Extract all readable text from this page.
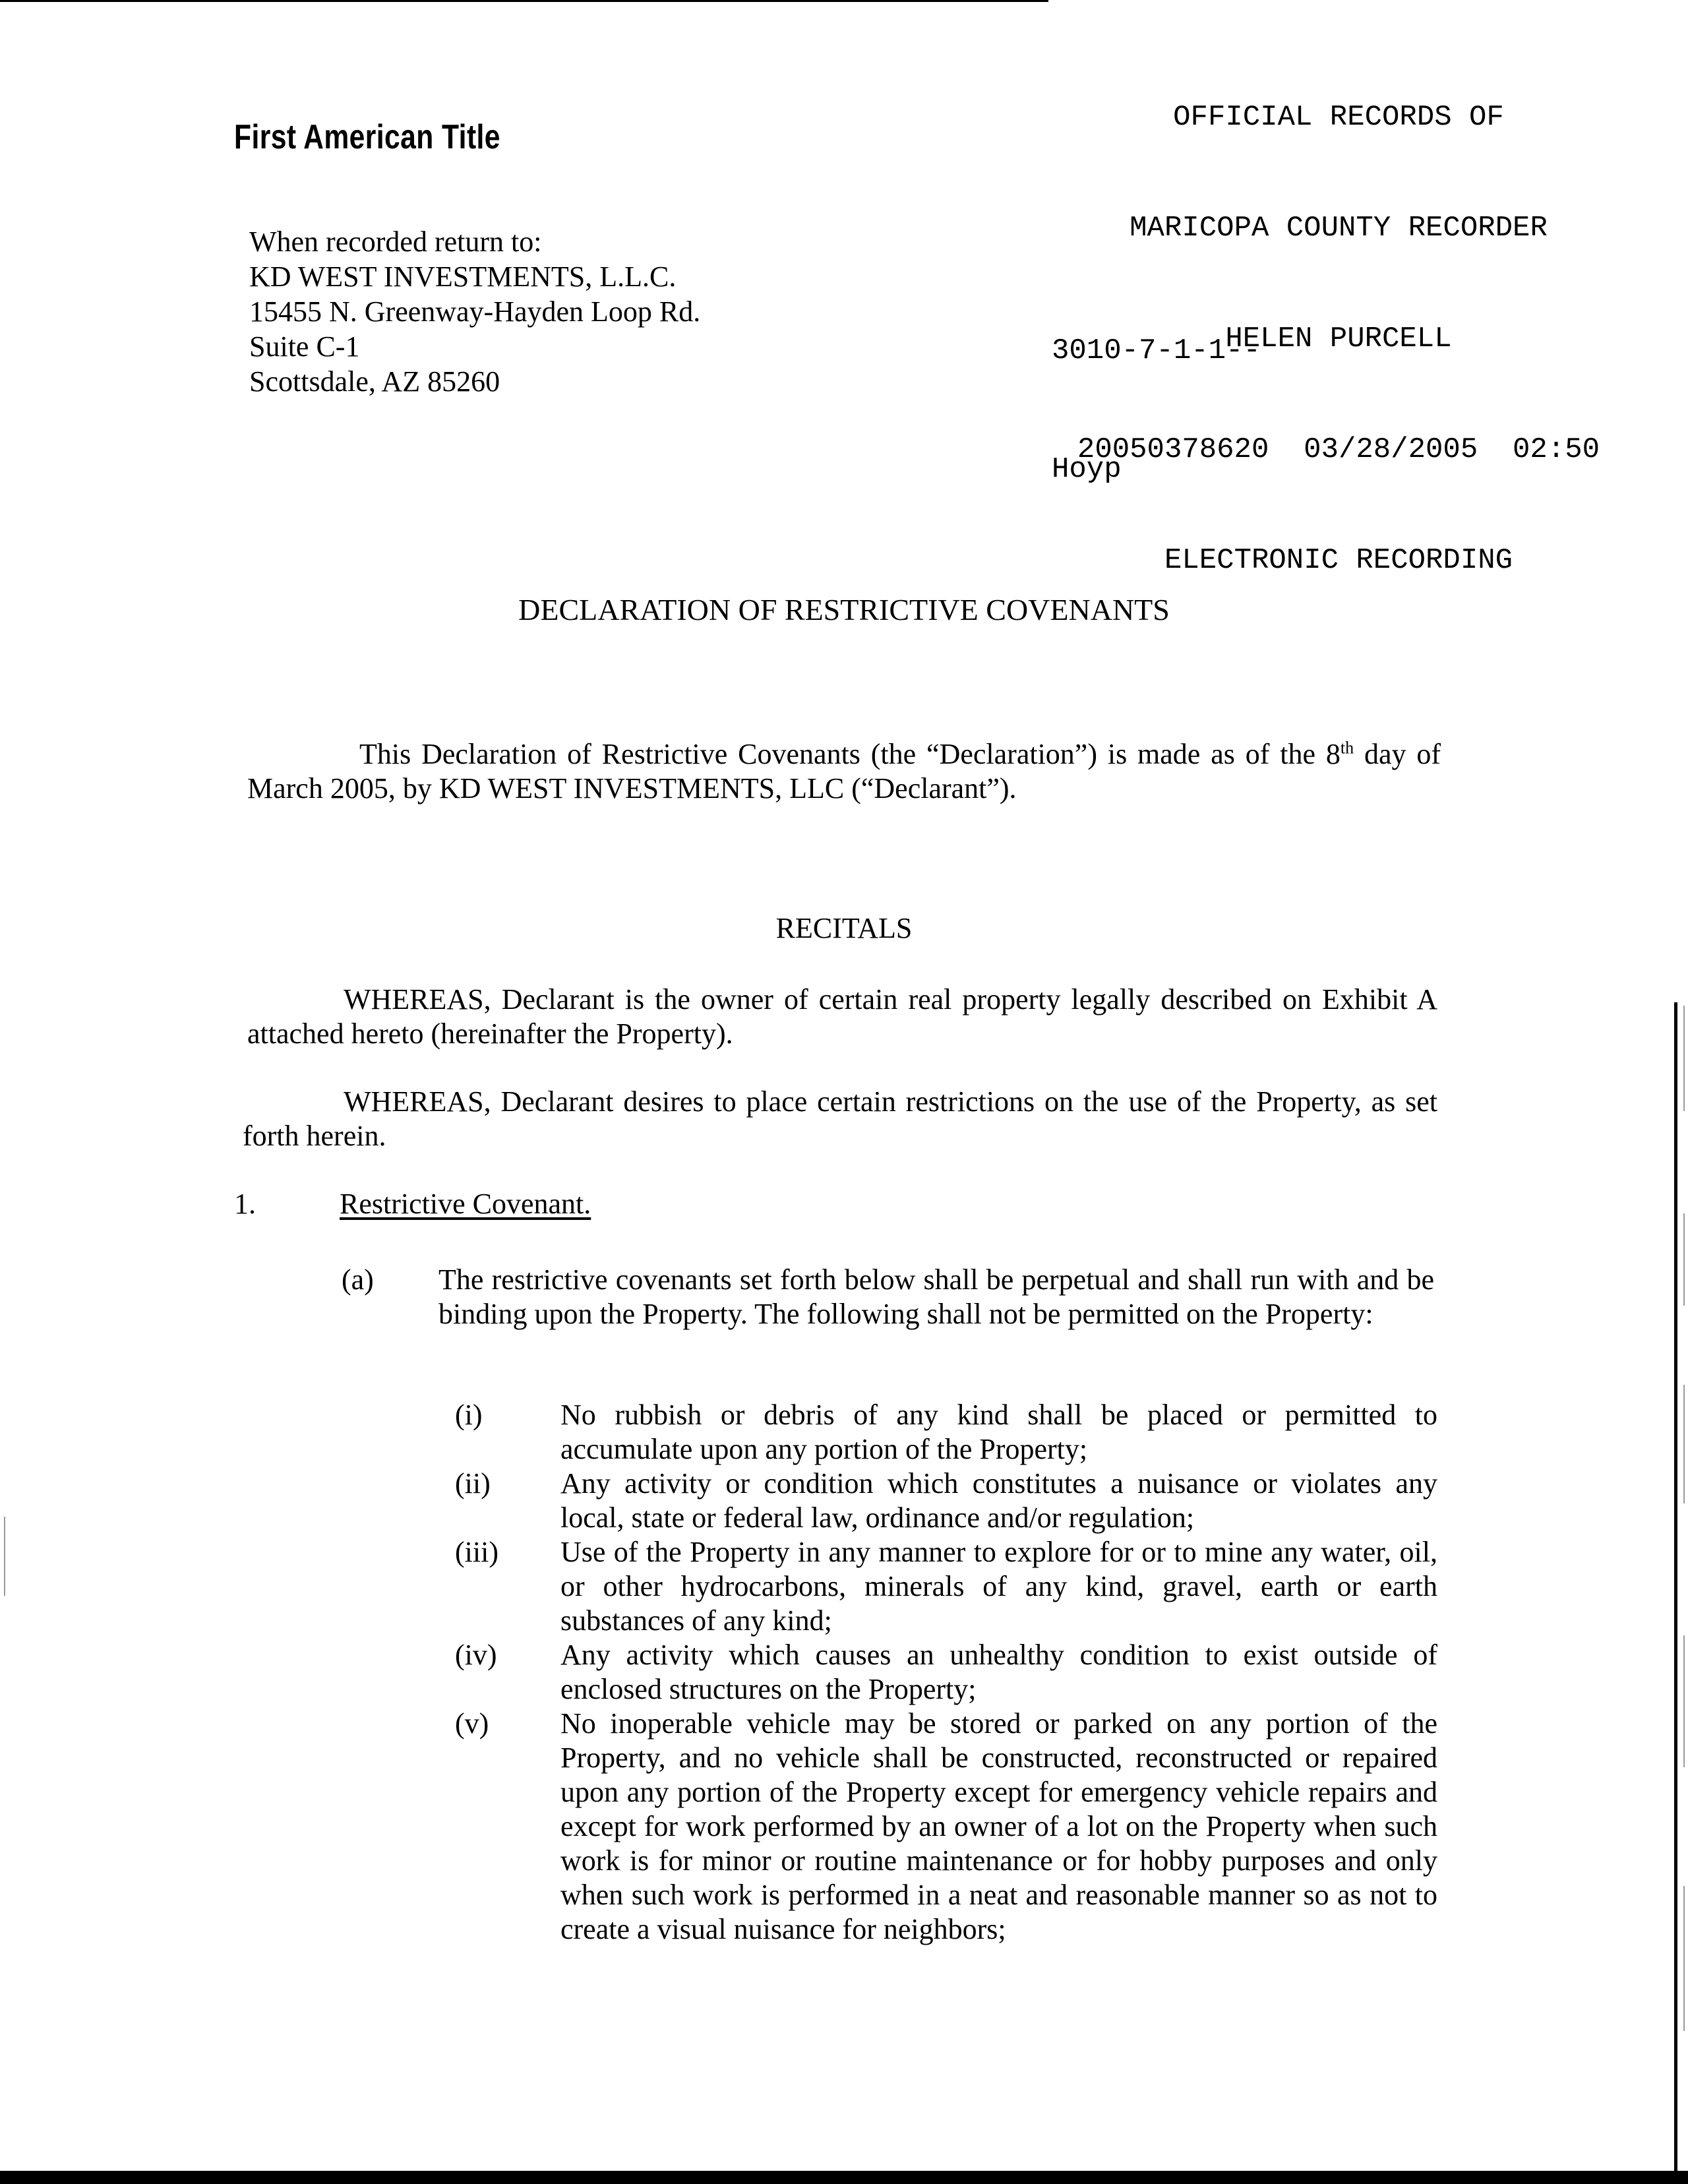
First American Title

OFFICIAL RECORDS OF

MARICOPA COUNTY RECORDER

HELEN PURCELL

20050378620  03/28/2005  02:50

ELECTRONIC RECORDING

3010-7-1-1--

Hoyp

When recorded return to:
KD WEST INVESTMENTS, L.L.C.
15455 N. Greenway-Hayden Loop Rd.
Suite C-1
Scottsdale, AZ 85260
DECLARATION OF RESTRICTIVE COVENANTS
This Declaration of Restrictive Covenants (the “Declaration”) is made as of the 8th day of March 2005, by KD WEST INVESTMENTS, LLC (“Declarant”).
RECITALS
WHEREAS, Declarant is the owner of certain real property legally described on Exhibit A attached hereto (hereinafter the Property).
WHEREAS, Declarant desires to place certain restrictions on the use of the Property, as set forth herein.
1.	Restrictive Covenant.
(a) The restrictive covenants set forth below shall be perpetual and shall run with and be binding upon the Property. The following shall not be permitted on the Property:
(i)	No rubbish or debris of any kind shall be placed or permitted to accumulate upon any portion of the Property;
(ii)	Any activity or condition which constitutes a nuisance or violates any local, state or federal law, ordinance and/or regulation;
(iii)	Use of the Property in any manner to explore for or to mine any water, oil, or other hydrocarbons, minerals of any kind, gravel, earth or earth substances of any kind;
(iv)	Any activity which causes an unhealthy condition to exist outside of enclosed structures on the Property;
(v)	No inoperable vehicle may be stored or parked on any portion of the Property, and no vehicle shall be constructed, reconstructed or repaired upon any portion of the Property except for emergency vehicle repairs and except for work performed by an owner of a lot on the Property when such work is for minor or routine maintenance or for hobby purposes and only when such work is performed in a neat and reasonable manner so as not to create a visual nuisance for neighbors;
